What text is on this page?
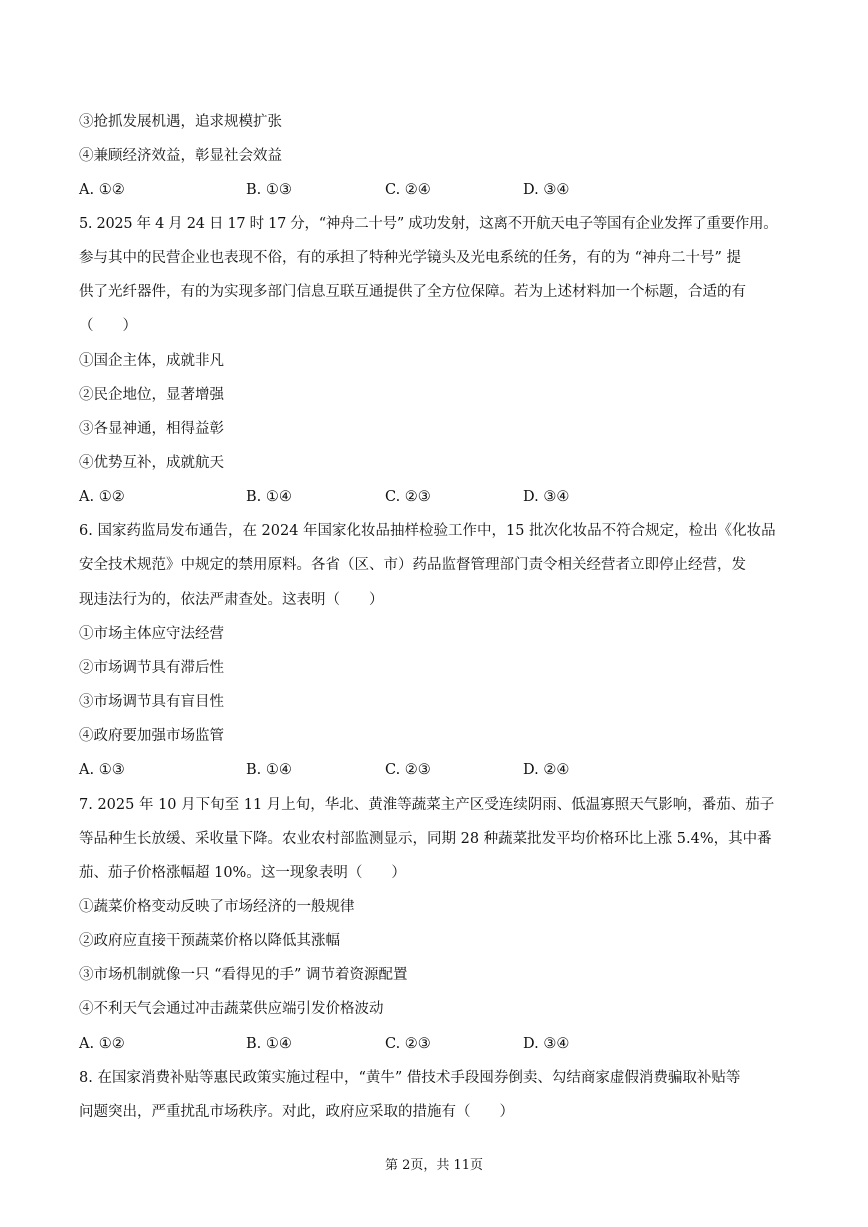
③抢抓发展机遇，追求规模扩张
④兼顾经济效益，彰显社会效益
A. ①②	B. ①③	C. ②④	D. ③④
5. 2025 年 4 月 24 日 17 时 17 分，“神舟二十号” 成功发射，这离不开航天电子等国有企业发挥了重要作用。
参与其中的民营企业也表现不俗，有的承担了特种光学镜头及光电系统的任务，有的为 “神舟二十号” 提
供了光纤器件，有的为实现多部门信息互联互通提供了全方位保障。若为上述材料加一个标题，合适的有
（　　）
①国企主体，成就非凡
②民企地位，显著增强
③各显神通，相得益彰
④优势互补，成就航天
A. ①②	B. ①④	C. ②③	D. ③④
6. 国家药监局发布通告，在 2024 年国家化妆品抽样检验工作中，15 批次化妆品不符合规定，检出《化妆品
安全技术规范》中规定的禁用原料。各省（区、市）药品监督管理部门责令相关经营者立即停止经营，发
现违法行为的，依法严肃查处。这表明（　　）
①市场主体应守法经营
②市场调节具有滞后性
③市场调节具有盲目性
④政府要加强市场监管
A. ①③	B. ①④	C. ②③	D. ②④
7. 2025 年 10 月下旬至 11 月上旬，华北、黄淮等蔬菜主产区受连续阴雨、低温寡照天气影响，番茄、茄子
等品种生长放缓、采收量下降。农业农村部监测显示，同期 28 种蔬菜批发平均价格环比上涨 5.4%，其中番
茄、茄子价格涨幅超 10%。这一现象表明（　　）
①蔬菜价格变动反映了市场经济的一般规律
②政府应直接干预蔬菜价格以降低其涨幅
③市场机制就像一只 “看得见的手” 调节着资源配置
④不利天气会通过冲击蔬菜供应端引发价格波动
A. ①②	B. ①④	C. ②③	D. ③④
8. 在国家消费补贴等惠民政策实施过程中，“黄牛” 借技术手段囤券倒卖、勾结商家虚假消费骗取补贴等
问题突出，严重扰乱市场秩序。对此，政府应采取的措施有（　　）
第 2页，共 11页
